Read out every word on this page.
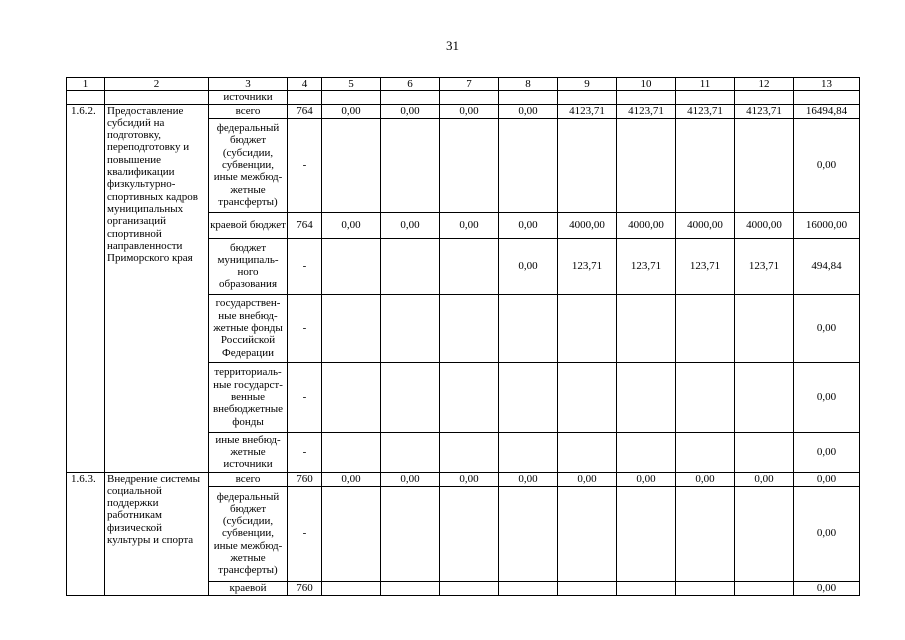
31
1	2	3	4	5	6	7	8	9	10	11	12	13
		источники										
1.6.2.	Предоставление субсидий на подготовку, переподготовку и повышение квалификации физкультурно-спортивных кадров муниципальных организаций спортивной направленности Приморского края	всего	764	0,00	0,00	0,00	0,00	4123,71	4123,71	4123,71	4123,71	16494,84
		федеральный бюджет (субсидии, субвенции, иные межбюд-жетные трансферты)	-									0,00
		краевой бюджет	764	0,00	0,00	0,00	0,00	4000,00	4000,00	4000,00	4000,00	16000,00
		бюджет муниципаль-ного образования	-				0,00	123,71	123,71	123,71	123,71	494,84
		государствен-ные внебюд-жетные фонды Российской Федерации	-									0,00
		территориаль-ные государст-венные внебюджетные фонды	-									0,00
		иные внебюд-жетные источники	-									0,00
1.6.3.	Внедрение системы социальной поддержки работникам физической культуры и спорта	всего	760	0,00	0,00	0,00	0,00	0,00	0,00	0,00	0,00	0,00
		федеральный бюджет (субсидии, субвенции, иные межбюд-жетные трансферты)	-									0,00
		краевой	760									0,00
